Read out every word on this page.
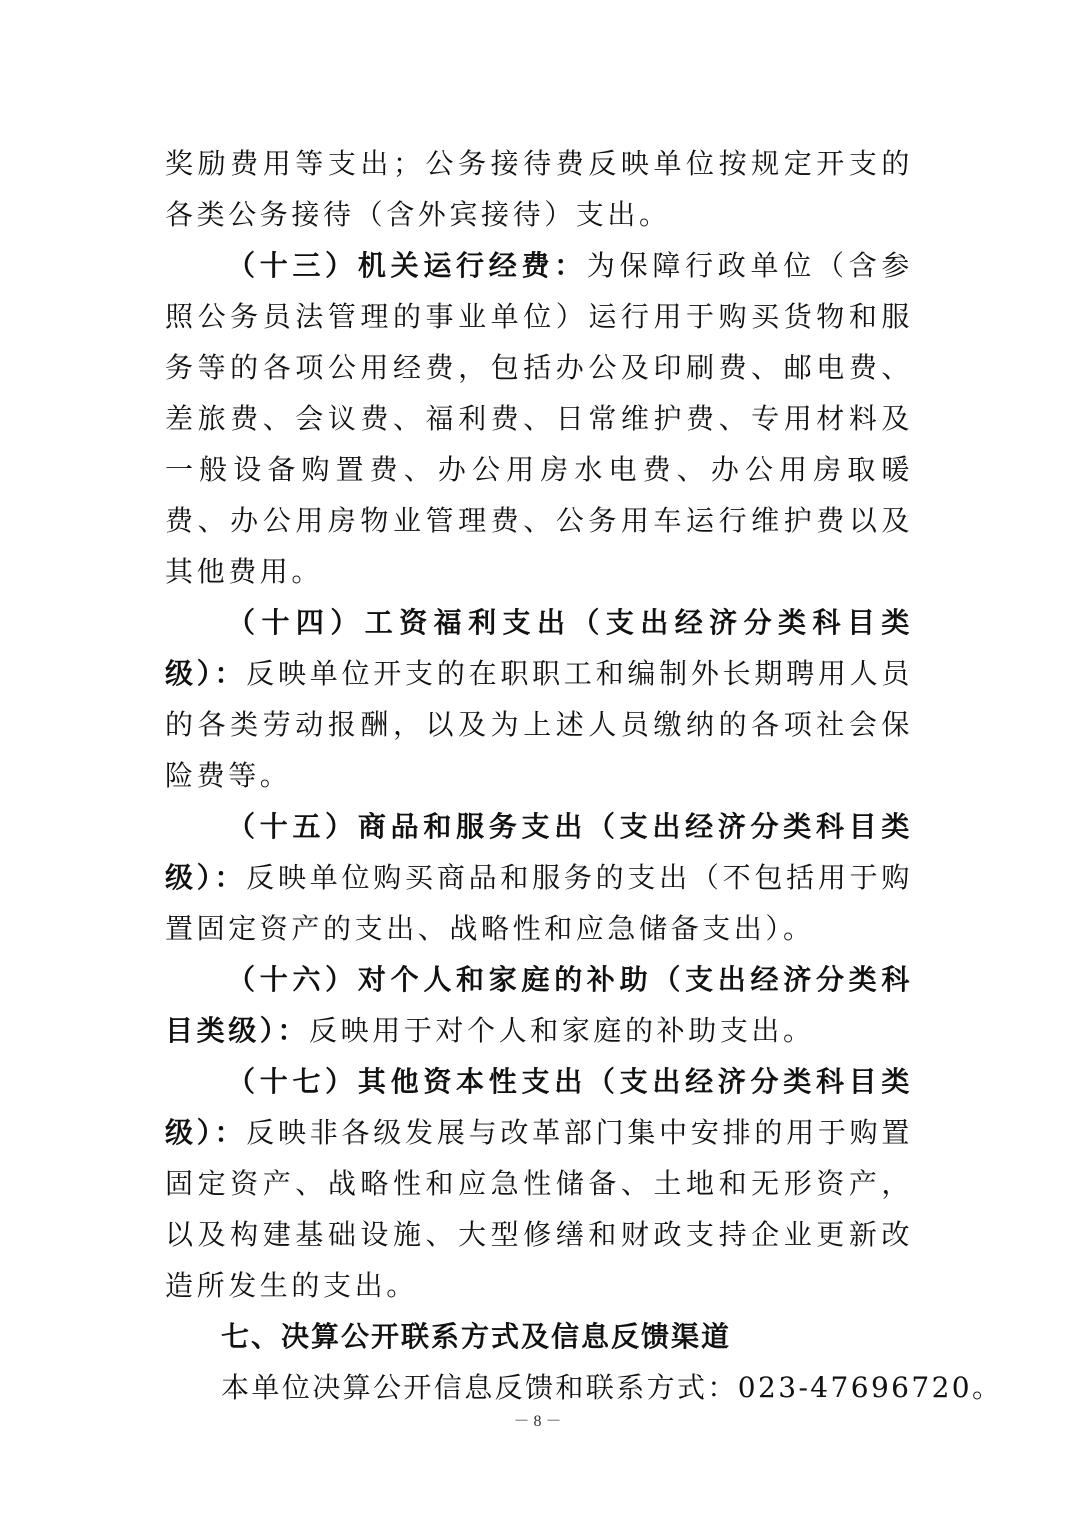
奖励费用等支出；公务接待费反映单位按规定开支的各类公务接待（含外宾接待）支出。

（十三）机关运行经费：为保障行政单位（含参照公务员法管理的事业单位）运行用于购买货物和服务等的各项公用经费，包括办公及印刷费、邮电费、差旅费、会议费、福利费、日常维护费、专用材料及一般设备购置费、办公用房水电费、办公用房取暖费、办公用房物业管理费、公务用车运行维护费以及其他费用。

（十四）工资福利支出（支出经济分类科目类级）：反映单位开支的在职职工和编制外长期聘用人员的各类劳动报酬，以及为上述人员缴纳的各项社会保险费等。

（十五）商品和服务支出（支出经济分类科目类级）：反映单位购买商品和服务的支出（不包括用于购置固定资产的支出、战略性和应急储备支出）。

（十六）对个人和家庭的补助（支出经济分类科目类级）：反映用于对个人和家庭的补助支出。

（十七）其他资本性支出（支出经济分类科目类级）：反映非各级发展与改革部门集中安排的用于购置固定资产、战略性和应急性储备、土地和无形资产，以及构建基础设施、大型修缮和财政支持企业更新改造所发生的支出。

七、决算公开联系方式及信息反馈渠道

本单位决算公开信息反馈和联系方式：023-47696720。

－ 8 －
